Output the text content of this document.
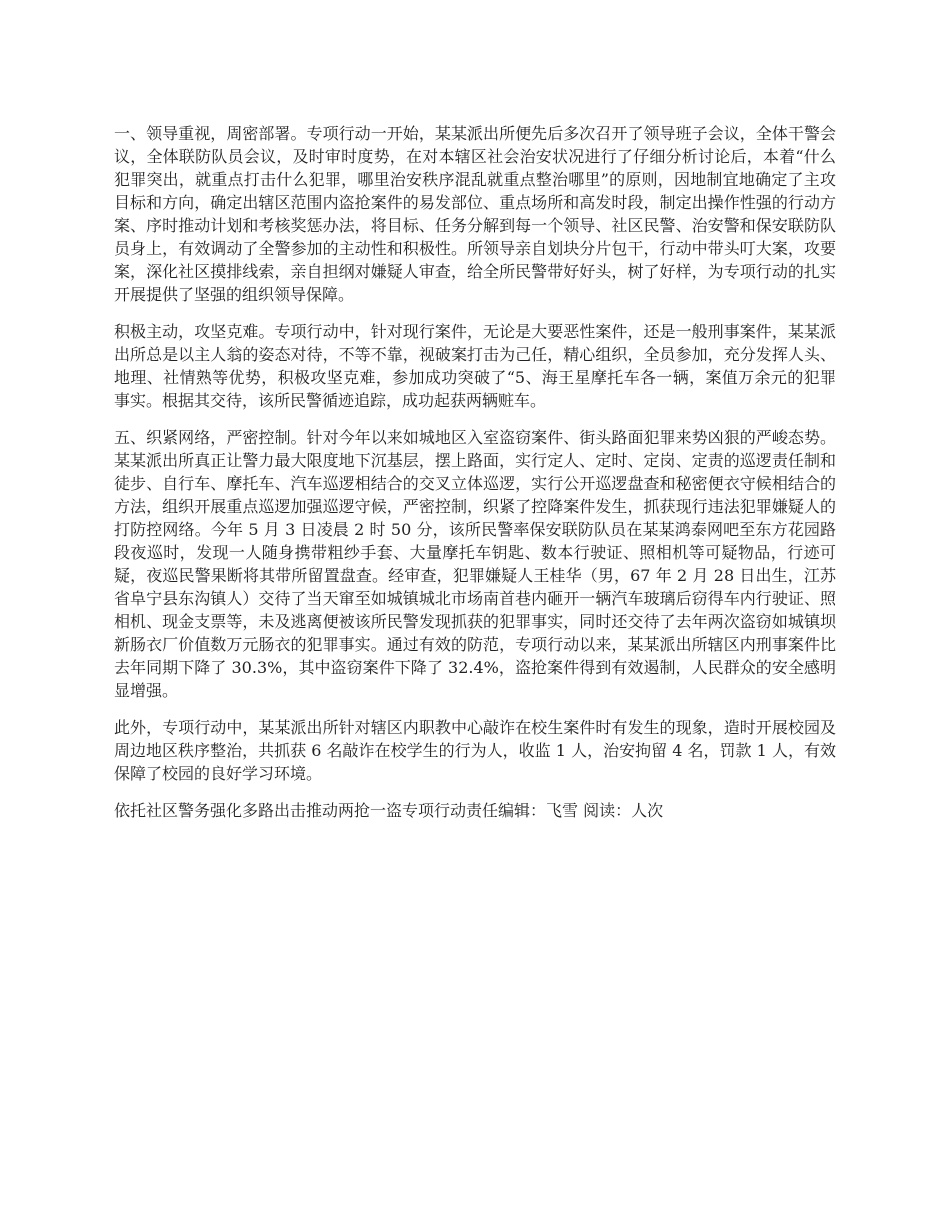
一、领导重视，周密部署。专项行动一开始，某某派出所便先后多次召开了领导班子会议，全体干警会议，全体联防队员会议，及时审时度势，在对本辖区社会治安状况进行了仔细分析讨论后，本着“什么犯罪突出，就重点打击什么犯罪，哪里治安秩序混乱就重点整治哪里”的原则，因地制宜地确定了主攻目标和方向，确定出辖区范围内盗抢案件的易发部位、重点场所和高发时段，制定出操作性强的行动方案、序时推动计划和考核奖惩办法，将目标、任务分解到每一个领导、社区民警、治安警和保安联防队员身上，有效调动了全警参加的主动性和积极性。所领导亲自划块分片包干，行动中带头叮大案，攻要案，深化社区摸排线索，亲自担纲对嫌疑人审查，给全所民警带好好头，树了好样，为专项行动的扎实开展提供了坚强的组织领导保障。

积极主动，攻坚克难。专项行动中，针对现行案件，无论是大要恶性案件，还是一般刑事案件，某某派出所总是以主人翁的姿态对待，不等不靠，视破案打击为己任，精心组织，全员参加，充分发挥人头、地理、社情熟等优势，积极攻坚克难，参加成功突破了“5、海王星摩托车各一辆，案值万余元的犯罪事实。根据其交待，该所民警循迹追踪，成功起获两辆赃车。

五、织紧网络，严密控制。针对今年以来如城地区入室盗窃案件、街头路面犯罪来势凶狠的严峻态势。某某派出所真正让警力最大限度地下沉基层，摆上路面，实行定人、定时、定岗、定责的巡逻责任制和徒步、自行车、摩托车、汽车巡逻相结合的交叉立体巡逻，实行公开巡逻盘查和秘密便衣守候相结合的方法，组织开展重点巡逻加强巡逻守候，严密控制，织紧了控降案件发生，抓获现行违法犯罪嫌疑人的打防控网络。今年 5 月 3 日凌晨 2 时 50 分，该所民警率保安联防队员在某某鸿泰网吧至东方花园路段夜巡时，发现一人随身携带粗纱手套、大量摩托车钥匙、数本行驶证、照相机等可疑物品，行迹可疑，夜巡民警果断将其带所留置盘查。经审查，犯罪嫌疑人王桂华（男，67 年 2 月 28 日出生，江苏省阜宁县东沟镇人）交待了当天窜至如城镇城北市场南首巷内砸开一辆汽车玻璃后窃得车内行驶证、照相机、现金支票等，未及逃离便被该所民警发现抓获的犯罪事实，同时还交待了去年两次盗窃如城镇坝新肠衣厂价值数万元肠衣的犯罪事实。通过有效的防范，专项行动以来，某某派出所辖区内刑事案件比去年同期下降了 30.3%，其中盗窃案件下降了 32.4%，盗抢案件得到有效遏制，人民群众的安全感明显增强。

此外，专项行动中，某某派出所针对辖区内职教中心敲诈在校生案件时有发生的现象，造时开展校园及周边地区秩序整治，共抓获 6 名敲诈在校学生的行为人，收监 1 人，治安拘留 4 名，罚款 1 人，有效保障了校园的良好学习环境。

依托社区警务强化多路出击推动两抢一盗专项行动责任编辑：飞雪 阅读：人次
